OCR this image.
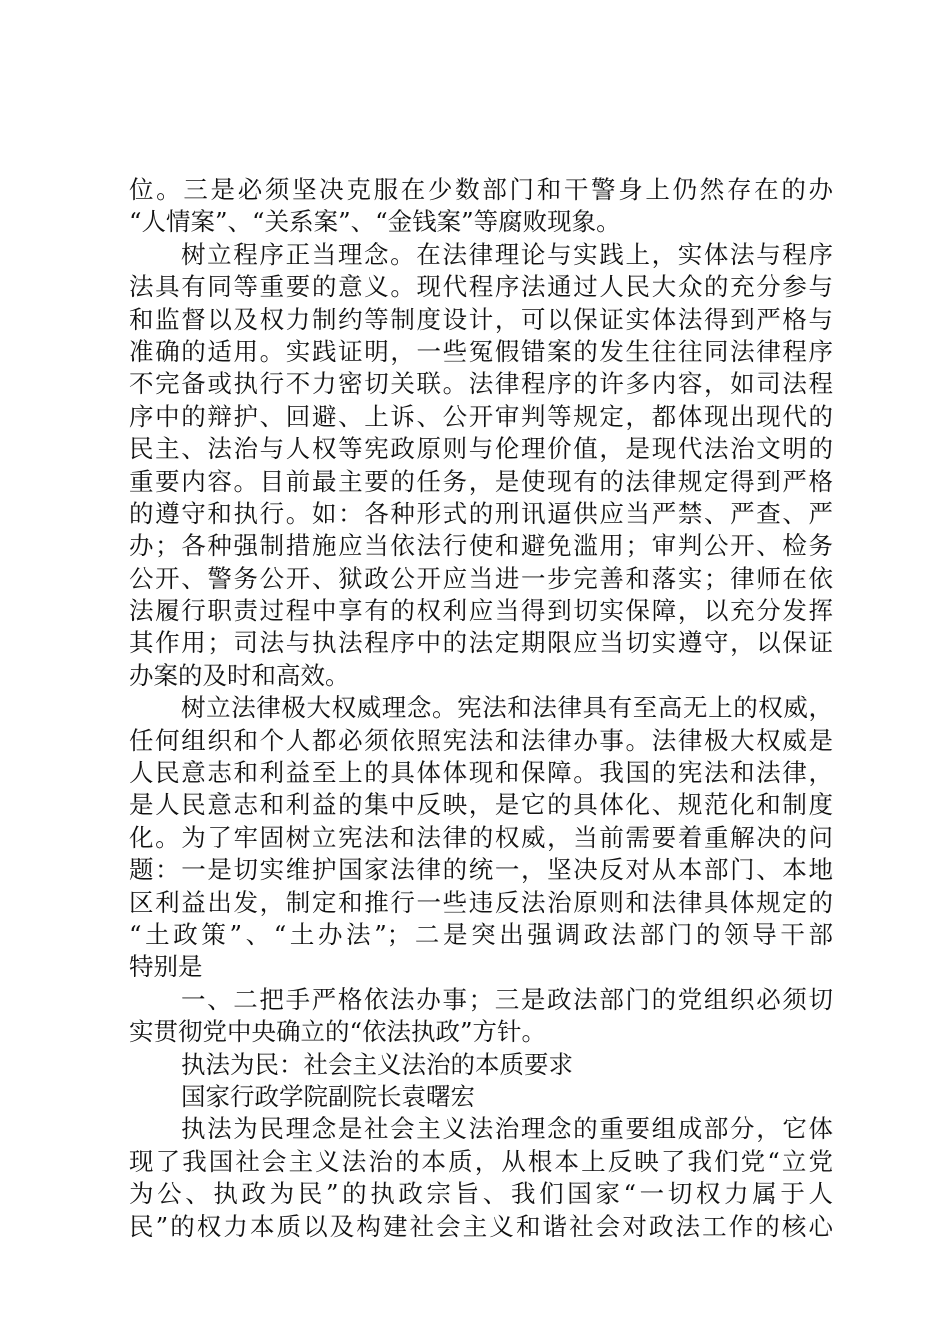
位。三是必须坚决克服在少数部门和干警身上仍然存在的办
“人情案”、“关系案”、“金钱案”等腐败现象。
树立程序正当理念。在法律理论与实践上，实体法与程序
法具有同等重要的意义。现代程序法通过人民大众的充分参与
和监督以及权力制约等制度设计，可以保证实体法得到严格与
准确的适用。实践证明，一些冤假错案的发生往往同法律程序
不完备或执行不力密切关联。法律程序的许多内容，如司法程
序中的辩护、回避、上诉、公开审判等规定，都体现出现代的
民主、法治与人权等宪政原则与伦理价值，是现代法治文明的
重要内容。目前最主要的任务，是使现有的法律规定得到严格
的遵守和执行。如：各种形式的刑讯逼供应当严禁、严查、严
办；各种强制措施应当依法行使和避免滥用；审判公开、检务
公开、警务公开、狱政公开应当进一步完善和落实；律师在依
法履行职责过程中享有的权利应当得到切实保障，以充分发挥
其作用；司法与执法程序中的法定期限应当切实遵守，以保证
办案的及时和高效。
树立法律极大权威理念。宪法和法律具有至高无上的权威，
任何组织和个人都必须依照宪法和法律办事。法律极大权威是
人民意志和利益至上的具体体现和保障。我国的宪法和法律，
是人民意志和利益的集中反映，是它的具体化、规范化和制度
化。为了牢固树立宪法和法律的权威，当前需要着重解决的问
题：一是切实维护国家法律的统一，坚决反对从本部门、本地
区利益出发，制定和推行一些违反法治原则和法律具体规定的
“土政策”、“土办法”；二是突出强调政法部门的领导干部
特别是
一、二把手严格依法办事；三是政法部门的党组织必须切
实贯彻党中央确立的“依法执政”方针。
执法为民：社会主义法治的本质要求
国家行政学院副院长袁曙宏
执法为民理念是社会主义法治理念的重要组成部分，它体
现了我国社会主义法治的本质，从根本上反映了我们党“立党
为公、执政为民”的执政宗旨、我们国家“一切权力属于人
民”的权力本质以及构建社会主义和谐社会对政法工作的核心
